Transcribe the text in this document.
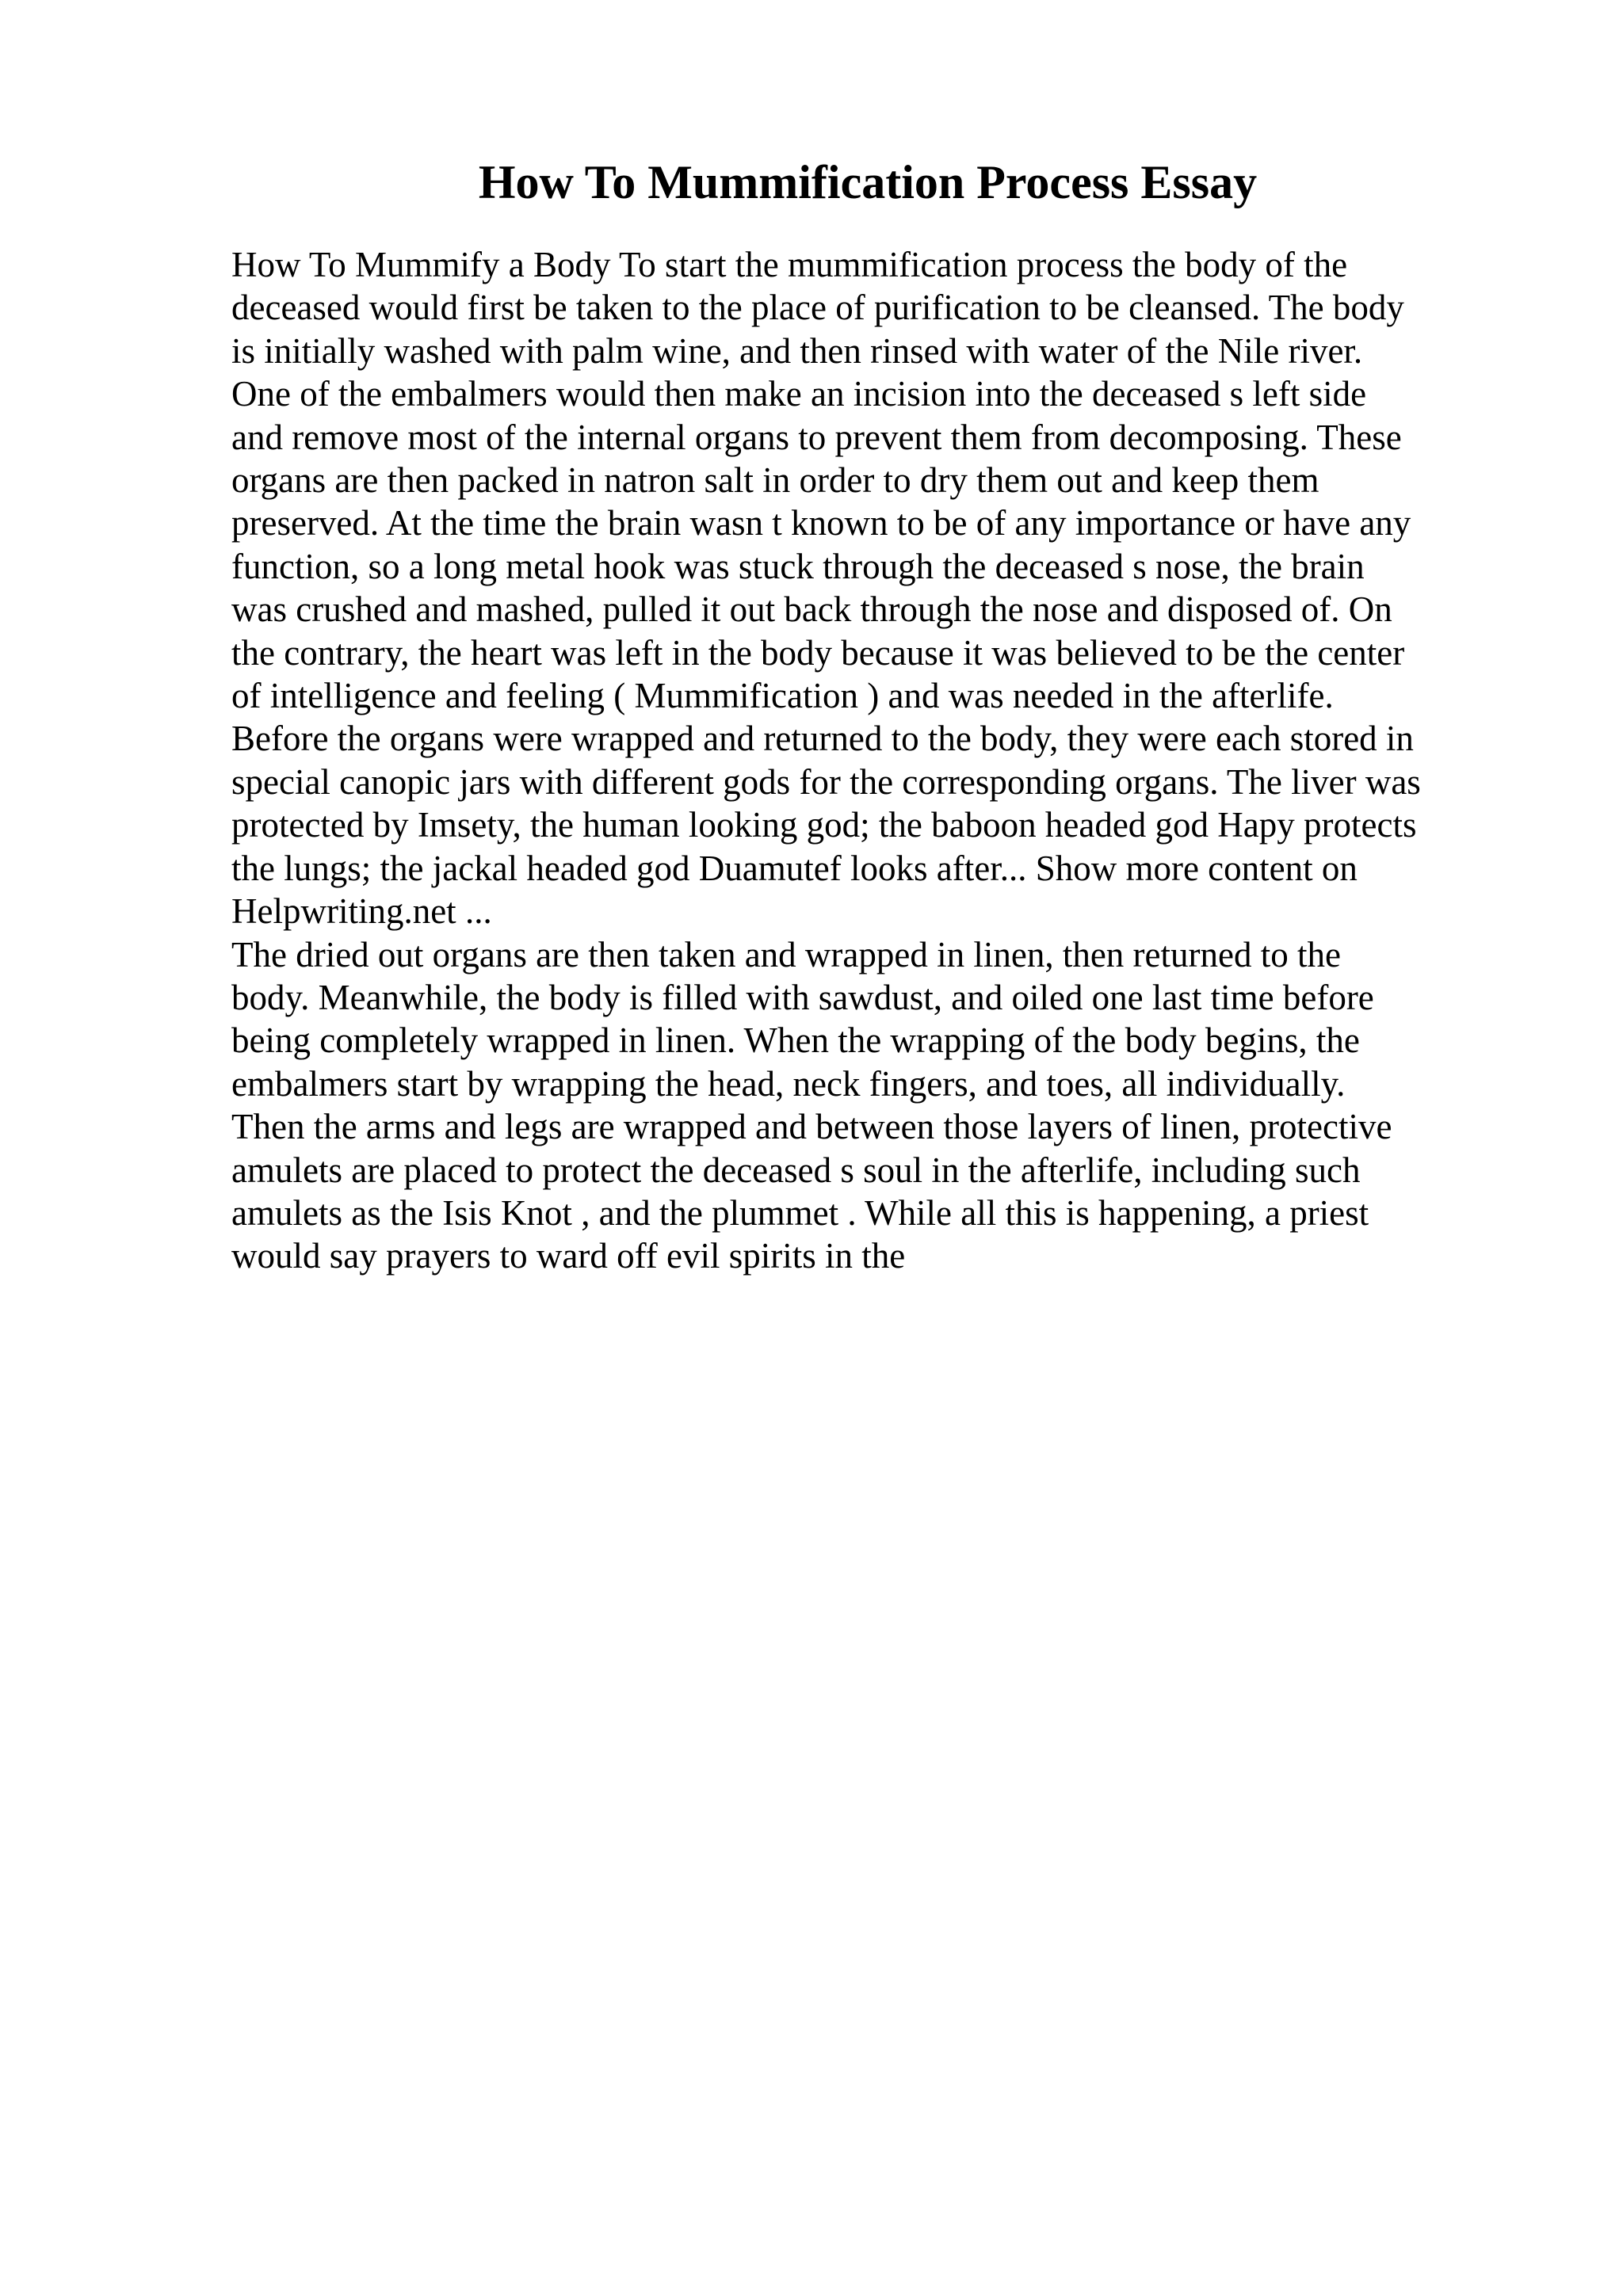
How To Mummification Process Essay
How To Mummify a Body To start the mummification process the body of the
deceased would first be taken to the place of purification to be cleansed. The body
is initially washed with palm wine, and then rinsed with water of the Nile river.
One of the embalmers would then make an incision into the deceased s left side
and remove most of the internal organs to prevent them from decomposing. These
organs are then packed in natron salt in order to dry them out and keep them
preserved. At the time the brain wasn t known to be of any importance or have any
function, so a long metal hook was stuck through the deceased s nose, the brain
was crushed and mashed, pulled it out back through the nose and disposed of. On
the contrary, the heart was left in the body because it was believed to be the center
of intelligence and feeling ( Mummification ) and was needed in the afterlife.
Before the organs were wrapped and returned to the body, they were each stored in
special canopic jars with different gods for the corresponding organs. The liver was
protected by Imsety, the human looking god; the baboon headed god Hapy protects
the lungs; the jackal headed god Duamutef looks after... Show more content on
Helpwriting.net ...
The dried out organs are then taken and wrapped in linen, then returned to the
body. Meanwhile, the body is filled with sawdust, and oiled one last time before
being completely wrapped in linen. When the wrapping of the body begins, the
embalmers start by wrapping the head, neck fingers, and toes, all individually.
Then the arms and legs are wrapped and between those layers of linen, protective
amulets are placed to protect the deceased s soul in the afterlife, including such
amulets as the Isis Knot , and the plummet . While all this is happening, a priest
would say prayers to ward off evil spirits in the
